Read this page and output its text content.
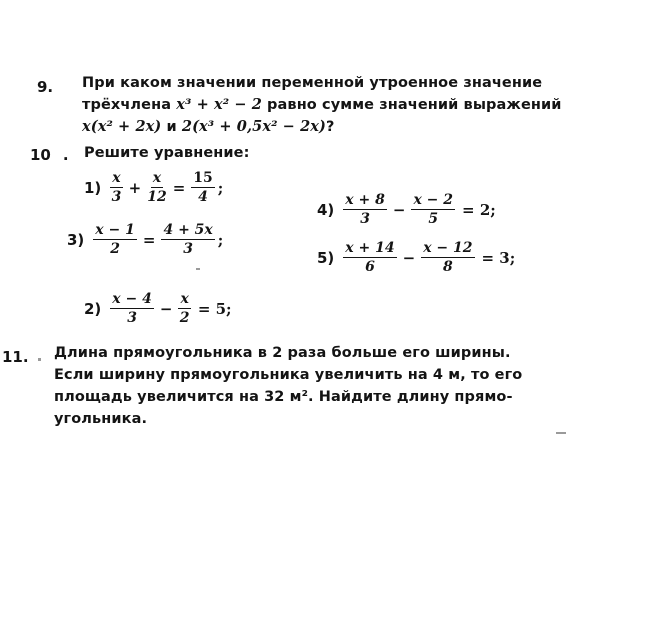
9. При каком значении переменной утроенное значение
трёхчлена x³ + x² − 2 равно сумме значений выражений
x(x² + 2x) и 2(x³ + 0,5x² − 2x)?
10 . Решите уравнение:
$1) \frac{x}{3} + \frac{x}{12} = \frac{15}{4}$ ;
$4) \frac{x + 8}{3} - \frac{x - 2}{5} = 2$;
$3) \frac{x - 1}{2} = \frac{4 + 5x}{3}$ ;
$5) \frac{x + 14}{6} - \frac{x - 12}{8} = 3$;
$2) \frac{x - 4}{3} - \frac{x}{2} = 5$;
11. Длина прямоугольника в 2 раза больше его ширины.
Если ширину прямоугольника увеличить на 4 м, то его
площадь увеличится на 32 м². Найдите длину прямо-
угольника.
